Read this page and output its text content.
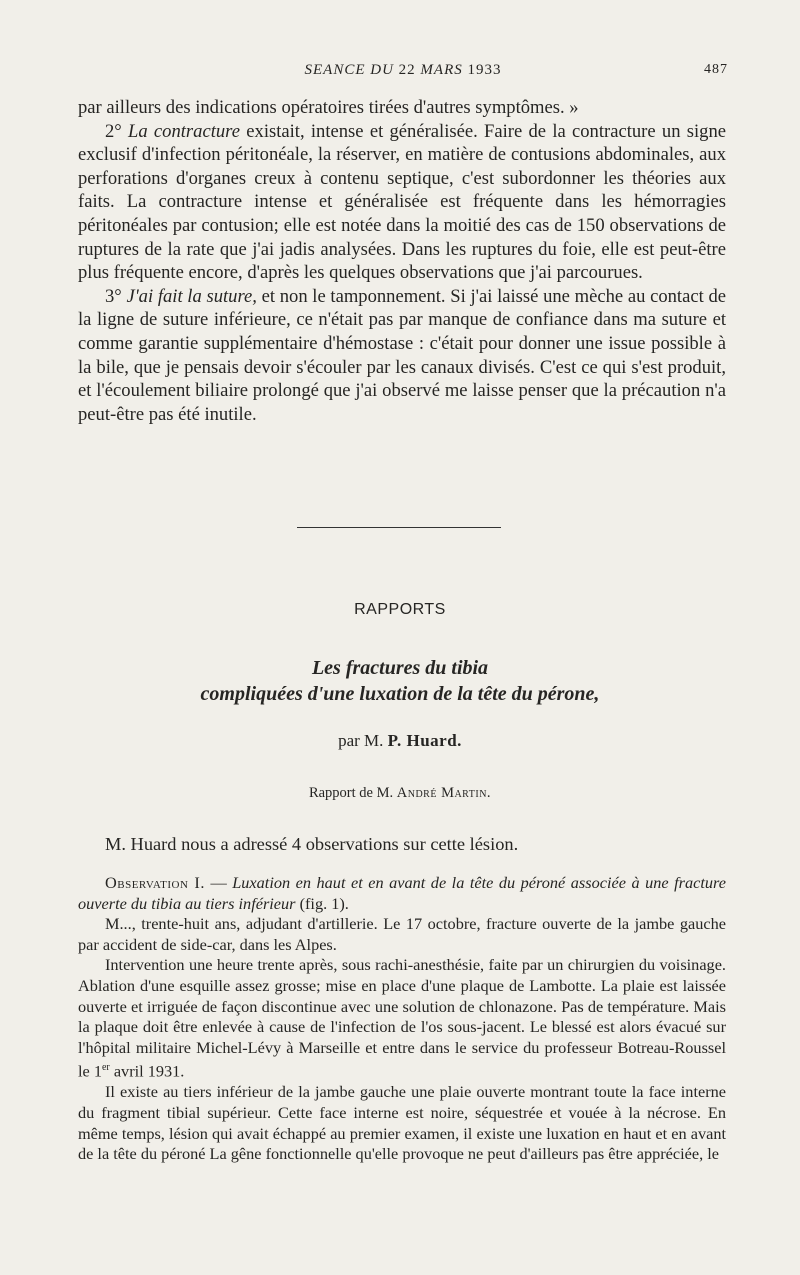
SEANCE DU 22 MARS 1933	487

par ailleurs des indications opératoires tirées d'autres symptômes. »

2° La contracture existait, intense et généralisée. Faire de la contracture un signe exclusif d'infection péritonéale, la réserver, en matière de contusions abdominales, aux perforations d'organes creux à contenu septique, c'est subordonner les théories aux faits. La contracture intense et généralisée est fréquente dans les hémorragies péritonéales par contusion; elle est notée dans la moitié des cas de 150 observations de ruptures de la rate que j'ai jadis analysées. Dans les ruptures du foie, elle est peut-être plus fréquente encore, d'après les quelques observations que j'ai parcourues.

3° J'ai fait la suture, et non le tamponnement. Si j'ai laissé une mèche au contact de la ligne de suture inférieure, ce n'était pas par manque de confiance dans ma suture et comme garantie supplémentaire d'hémostase : c'était pour donner une issue possible à la bile, que je pensais devoir s'écouler par les canaux divisés. C'est ce qui s'est produit, et l'écoulement biliaire prolongé que j'ai observé me laisse penser que la précaution n'a peut-être pas été inutile.

RAPPORTS
Les fractures du tibia
compliquées d'une luxation de la tête du pérone,
par M. P. Huard.
Rapport de M. André Martin.
M. Huard nous a adressé 4 observations sur cette lésion.

Observation I. — Luxation en haut et en avant de la tête du péroné associée à une fracture ouverte du tibia au tiers inférieur (fig. 1).

M..., trente-huit ans, adjudant d'artillerie. Le 17 octobre, fracture ouverte de la jambe gauche par accident de side-car, dans les Alpes.

Intervention une heure trente après, sous rachi-anesthésie, faite par un chirurgien du voisinage. Ablation d'une esquille assez grosse; mise en place d'une plaque de Lambotte. La plaie est laissée ouverte et irriguée de façon discontinue avec une solution de chlonazone. Pas de température. Mais la plaque doit être enlevée à cause de l'infection de l'os sous-jacent. Le blessé est alors évacué sur l'hôpital militaire Michel-Lévy à Marseille et entre dans le service du professeur Botreau-Roussel le 1er avril 1931.

Il existe au tiers inférieur de la jambe gauche une plaie ouverte montrant toute la face interne du fragment tibial supérieur. Cette face interne est noire, séquestrée et vouée à la nécrose. En même temps, lésion qui avait échappé au premier examen, il existe une luxation en haut et en avant de la tête du péroné La gêne fonctionnelle qu'elle provoque ne peut d'ailleurs pas être appréciée, le
